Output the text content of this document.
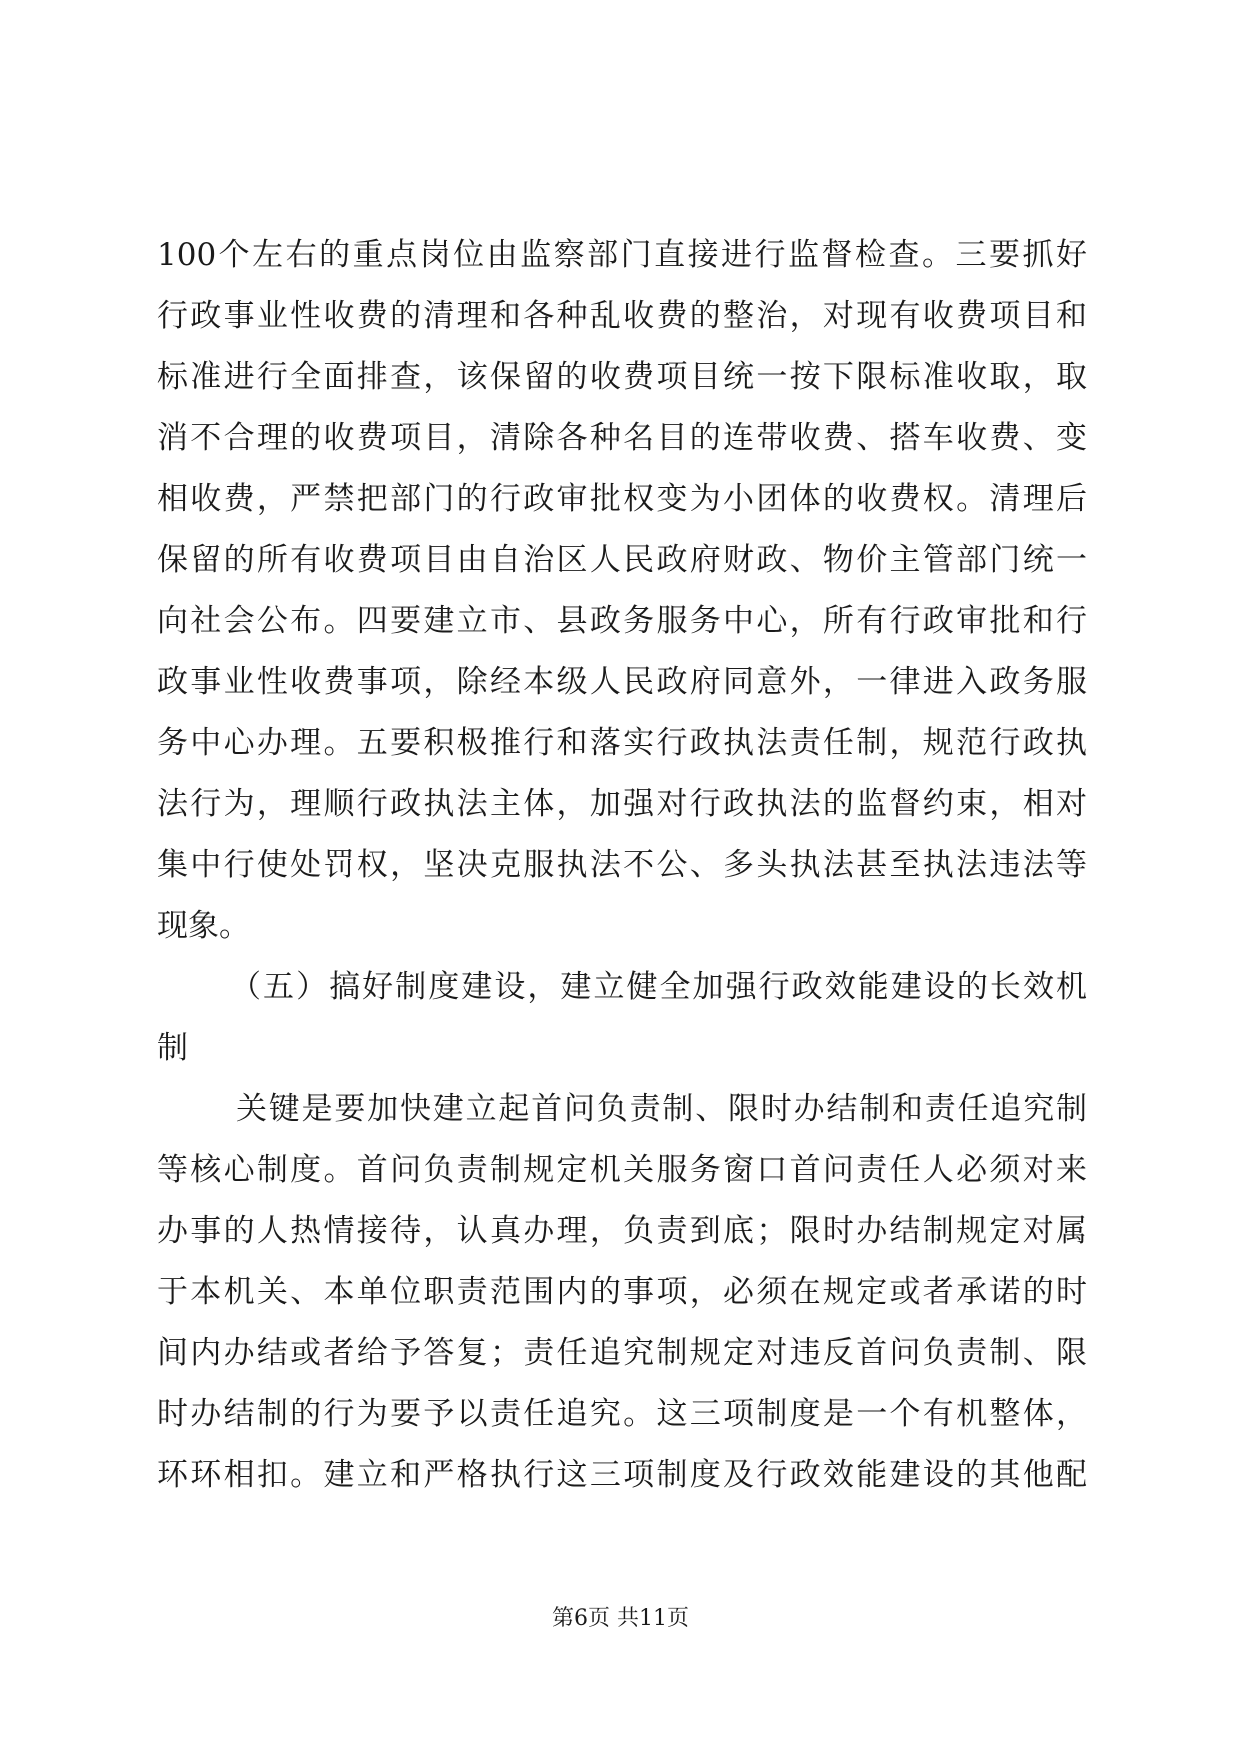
100个左右的重点岗位由监察部门直接进行监督检查。三要抓好
行政事业性收费的清理和各种乱收费的整治，对现有收费项目和
标准进行全面排查，该保留的收费项目统一按下限标准收取，取
消不合理的收费项目，清除各种名目的连带收费、搭车收费、变
相收费，严禁把部门的行政审批权变为小团体的收费权。清理后
保留的所有收费项目由自治区人民政府财政、物价主管部门统一
向社会公布。四要建立市、县政务服务中心，所有行政审批和行
政事业性收费事项，除经本级人民政府同意外，一律进入政务服
务中心办理。五要积极推行和落实行政执法责任制，规范行政执
法行为，理顺行政执法主体，加强对行政执法的监督约束，相对
集中行使处罚权，坚决克服执法不公、多头执法甚至执法违法等
现象。
（五）搞好制度建设，建立健全加强行政效能建设的长效机
制
关键是要加快建立起首问负责制、限时办结制和责任追究制
等核心制度。首问负责制规定机关服务窗口首问责任人必须对来
办事的人热情接待，认真办理，负责到底；限时办结制规定对属
于本机关、本单位职责范围内的事项，必须在规定或者承诺的时
间内办结或者给予答复；责任追究制规定对违反首问负责制、限
时办结制的行为要予以责任追究。这三项制度是一个有机整体，
环环相扣。建立和严格执行这三项制度及行政效能建设的其他配
第6页 共11页
